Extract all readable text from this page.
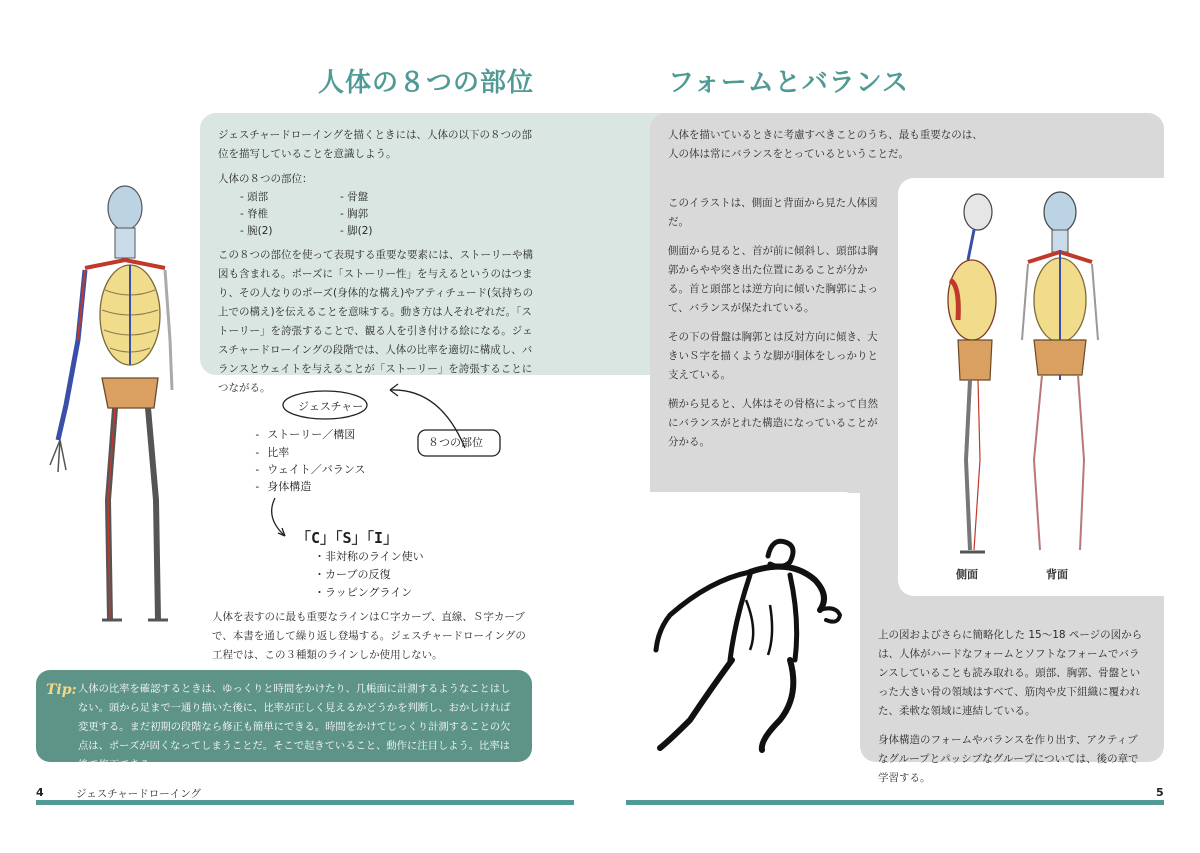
人体の８つの部位
ジェスチャードローイングを描くときには、人体の以下の８つの部位を描写していることを意識しよう。
人体の８つの部位：
- 頭部	- 骨盤
- 脊椎	- 胸郭
- 腕(2)	- 脚(2)
この８つの部位を使って表現する重要な要素には、ストーリーや構図も含まれる。ポーズに「ストーリー性」を与えるというのはつまり、その人なりのポーズ(身体的な構え)やアティチュード(気持ちの上での構え)を伝えることを意味する。動き方は人それぞれだ。「ストーリー」を誇張することで、観る人を引き付ける絵になる。ジェスチャードローイングの段階では、人体の比率を適切に構成し、バランスとウェイトを与えることが「ストーリー」を誇張することにつながる。
ジェスチャー
- ストーリー／構図
- 比率
- ウェイト／バランス
- 身体構造
８つの部位
「C」「S」「I」
・非対称のライン使い
・カーブの反復
・ラッピングライン
人体を表すのに最も重要なラインはＣ字カーブ、直線、Ｓ字カーブで、本書を通して繰り返し登場する。ジェスチャードローイングの工程では、この３種類のラインしか使用しない。
Tip: 人体の比率を確認するときは、ゆっくりと時間をかけたり、几帳面に計測するようなことはしない。頭から足まで一通り描いた後に、比率が正しく見えるかどうかを判断し、おかしければ変更する。まだ初期の段階なら修正も簡単にできる。時間をかけてじっくり計測することの欠点は、ポーズが固くなってしまうことだ。そこで起きていること、動作に注目しよう。比率は後で修正できる。
4	ジェスチャードローイング
フォームとバランス
人体を描いているときに考慮すべきことのうち、最も重要なのは、人の体は常にバランスをとっているということだ。

このイラストは、側面と背面から見た人体図だ。

側面から見ると、首が前に傾斜し、頭部は胸郭からやや突き出た位置にあることが分かる。首と頭部とは逆方向に傾いた胸郭によって、バランスが保たれている。

その下の骨盤は胸郭とは反対方向に傾き、大きいＳ字を描くような脚が胴体をしっかりと支えている。

横から見ると、人体はその骨格によって自然にバランスがとれた構造になっていることが分かる。

側面	背面

上の図およびさらに簡略化した 15〜18 ページの図からは、人体がハードなフォームとソフトなフォームでバランスしていることも読み取れる。頭部、胸郭、骨盤といった大きい骨の領域はすべて、筋肉や皮下組織に覆われた、柔軟な領域に連結している。

身体構造のフォームやバランスを作り出す、アクティブなグループとパッシブなグループについては、後の章で学習する。

5
